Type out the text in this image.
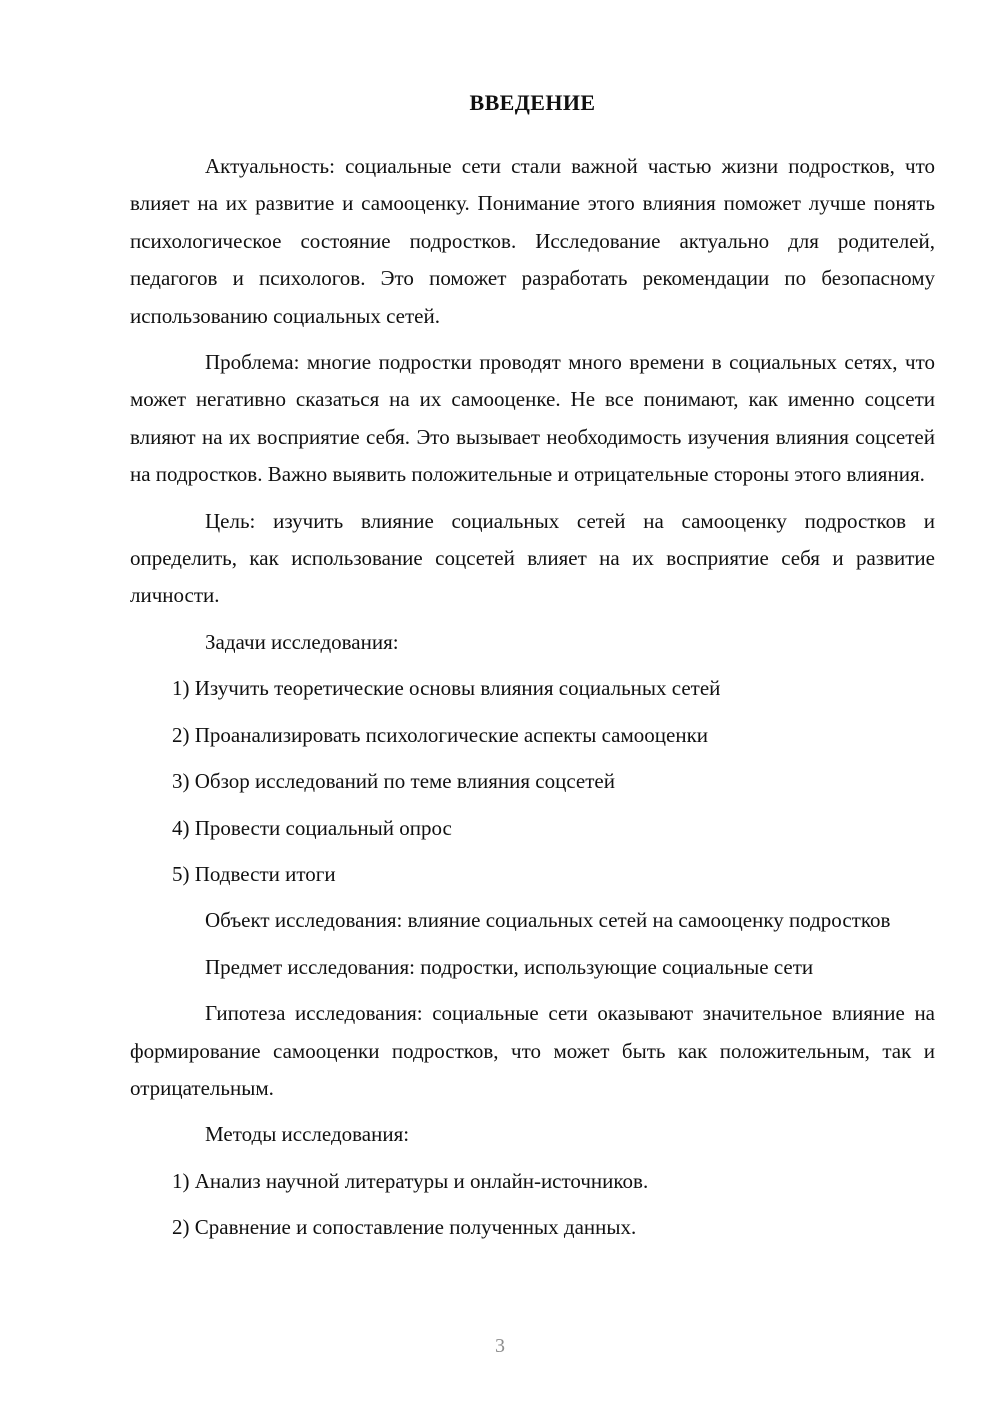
ВВЕДЕНИЕ

Актуальность: социальные сети стали важной частью жизни подростков, что влияет на их развитие и самооценку. Понимание этого влияния поможет лучше понять психологическое состояние подростков. Исследование актуально для родителей, педагогов и психологов. Это поможет разработать рекомендации по безопасному использованию социальных сетей.

Проблема: многие подростки проводят много времени в социальных сетях, что может негативно сказаться на их самооценке. Не все понимают, как именно соцсети влияют на их восприятие себя. Это вызывает необходимость изучения влияния соцсетей на подростков. Важно выявить положительные и отрицательные стороны этого влияния.

Цель: изучить влияние социальных сетей на самооценку подростков и определить, как использование соцсетей влияет на их восприятие себя и развитие личности.

Задачи исследования:

1) Изучить теоретические основы влияния социальных сетей
2) Проанализировать психологические аспекты самооценки
3) Обзор исследований по теме влияния соцсетей
4) Провести социальный опрос
5) Подвести итоги

Объект исследования: влияние социальных сетей на самооценку подростков

Предмет исследования: подростки, использующие социальные сети

Гипотеза исследования: социальные сети оказывают значительное влияние на формирование самооценки подростков, что может быть как положительным, так и отрицательным.

Методы исследования:

1) Анализ научной литературы и онлайн-источников.
2) Сравнение и сопоставление полученных данных.
3
